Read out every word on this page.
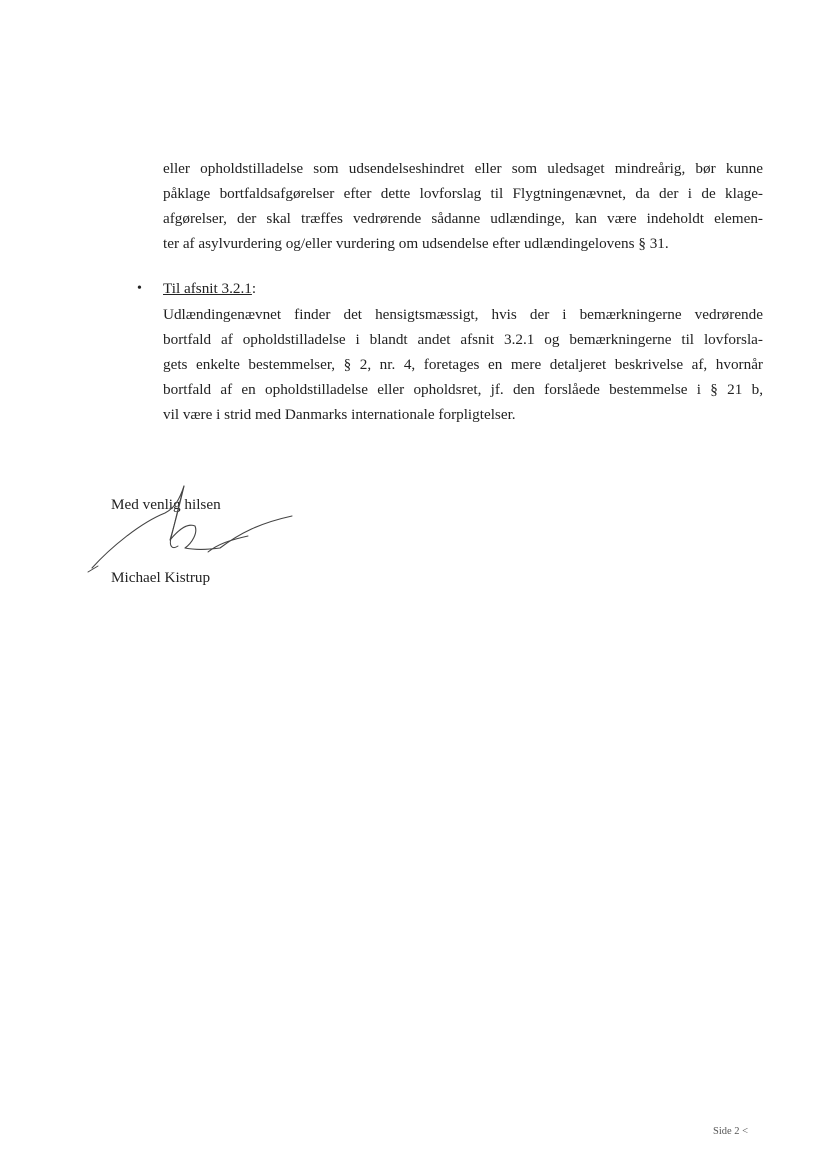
eller opholdstilladelse som udsendelseshindret eller som uledsaget mindreårig, bør kunne
påklage bortfaldsafgørelser efter dette lovforslag til Flygtningenævnet, da der i de klage-
afgørelser, der skal træffes vedrørende sådanne udlændinge, kan være indeholdt elemen-
ter af asylvurdering og/eller vurdering om udsendelse efter udlændingelovens § 31.
• Til afsnit 3.2.1:
Udlændingenævnet finder det hensigtsmæssigt, hvis der i bemærkningerne vedrørende
bortfald af opholdstilladelse i blandt andet afsnit 3.2.1 og bemærkningerne til lovforsla-
gets enkelte bestemmelser, § 2, nr. 4, foretages en mere detaljeret beskrivelse af, hvornår
bortfald af en opholdstilladelse eller opholdsret, jf. den forslåede bestemmelse i § 21 b,
vil være i strid med Danmarks internationale forpligtelser.
Med venlig hilsen
Michael Kistrup
Side 2 <
